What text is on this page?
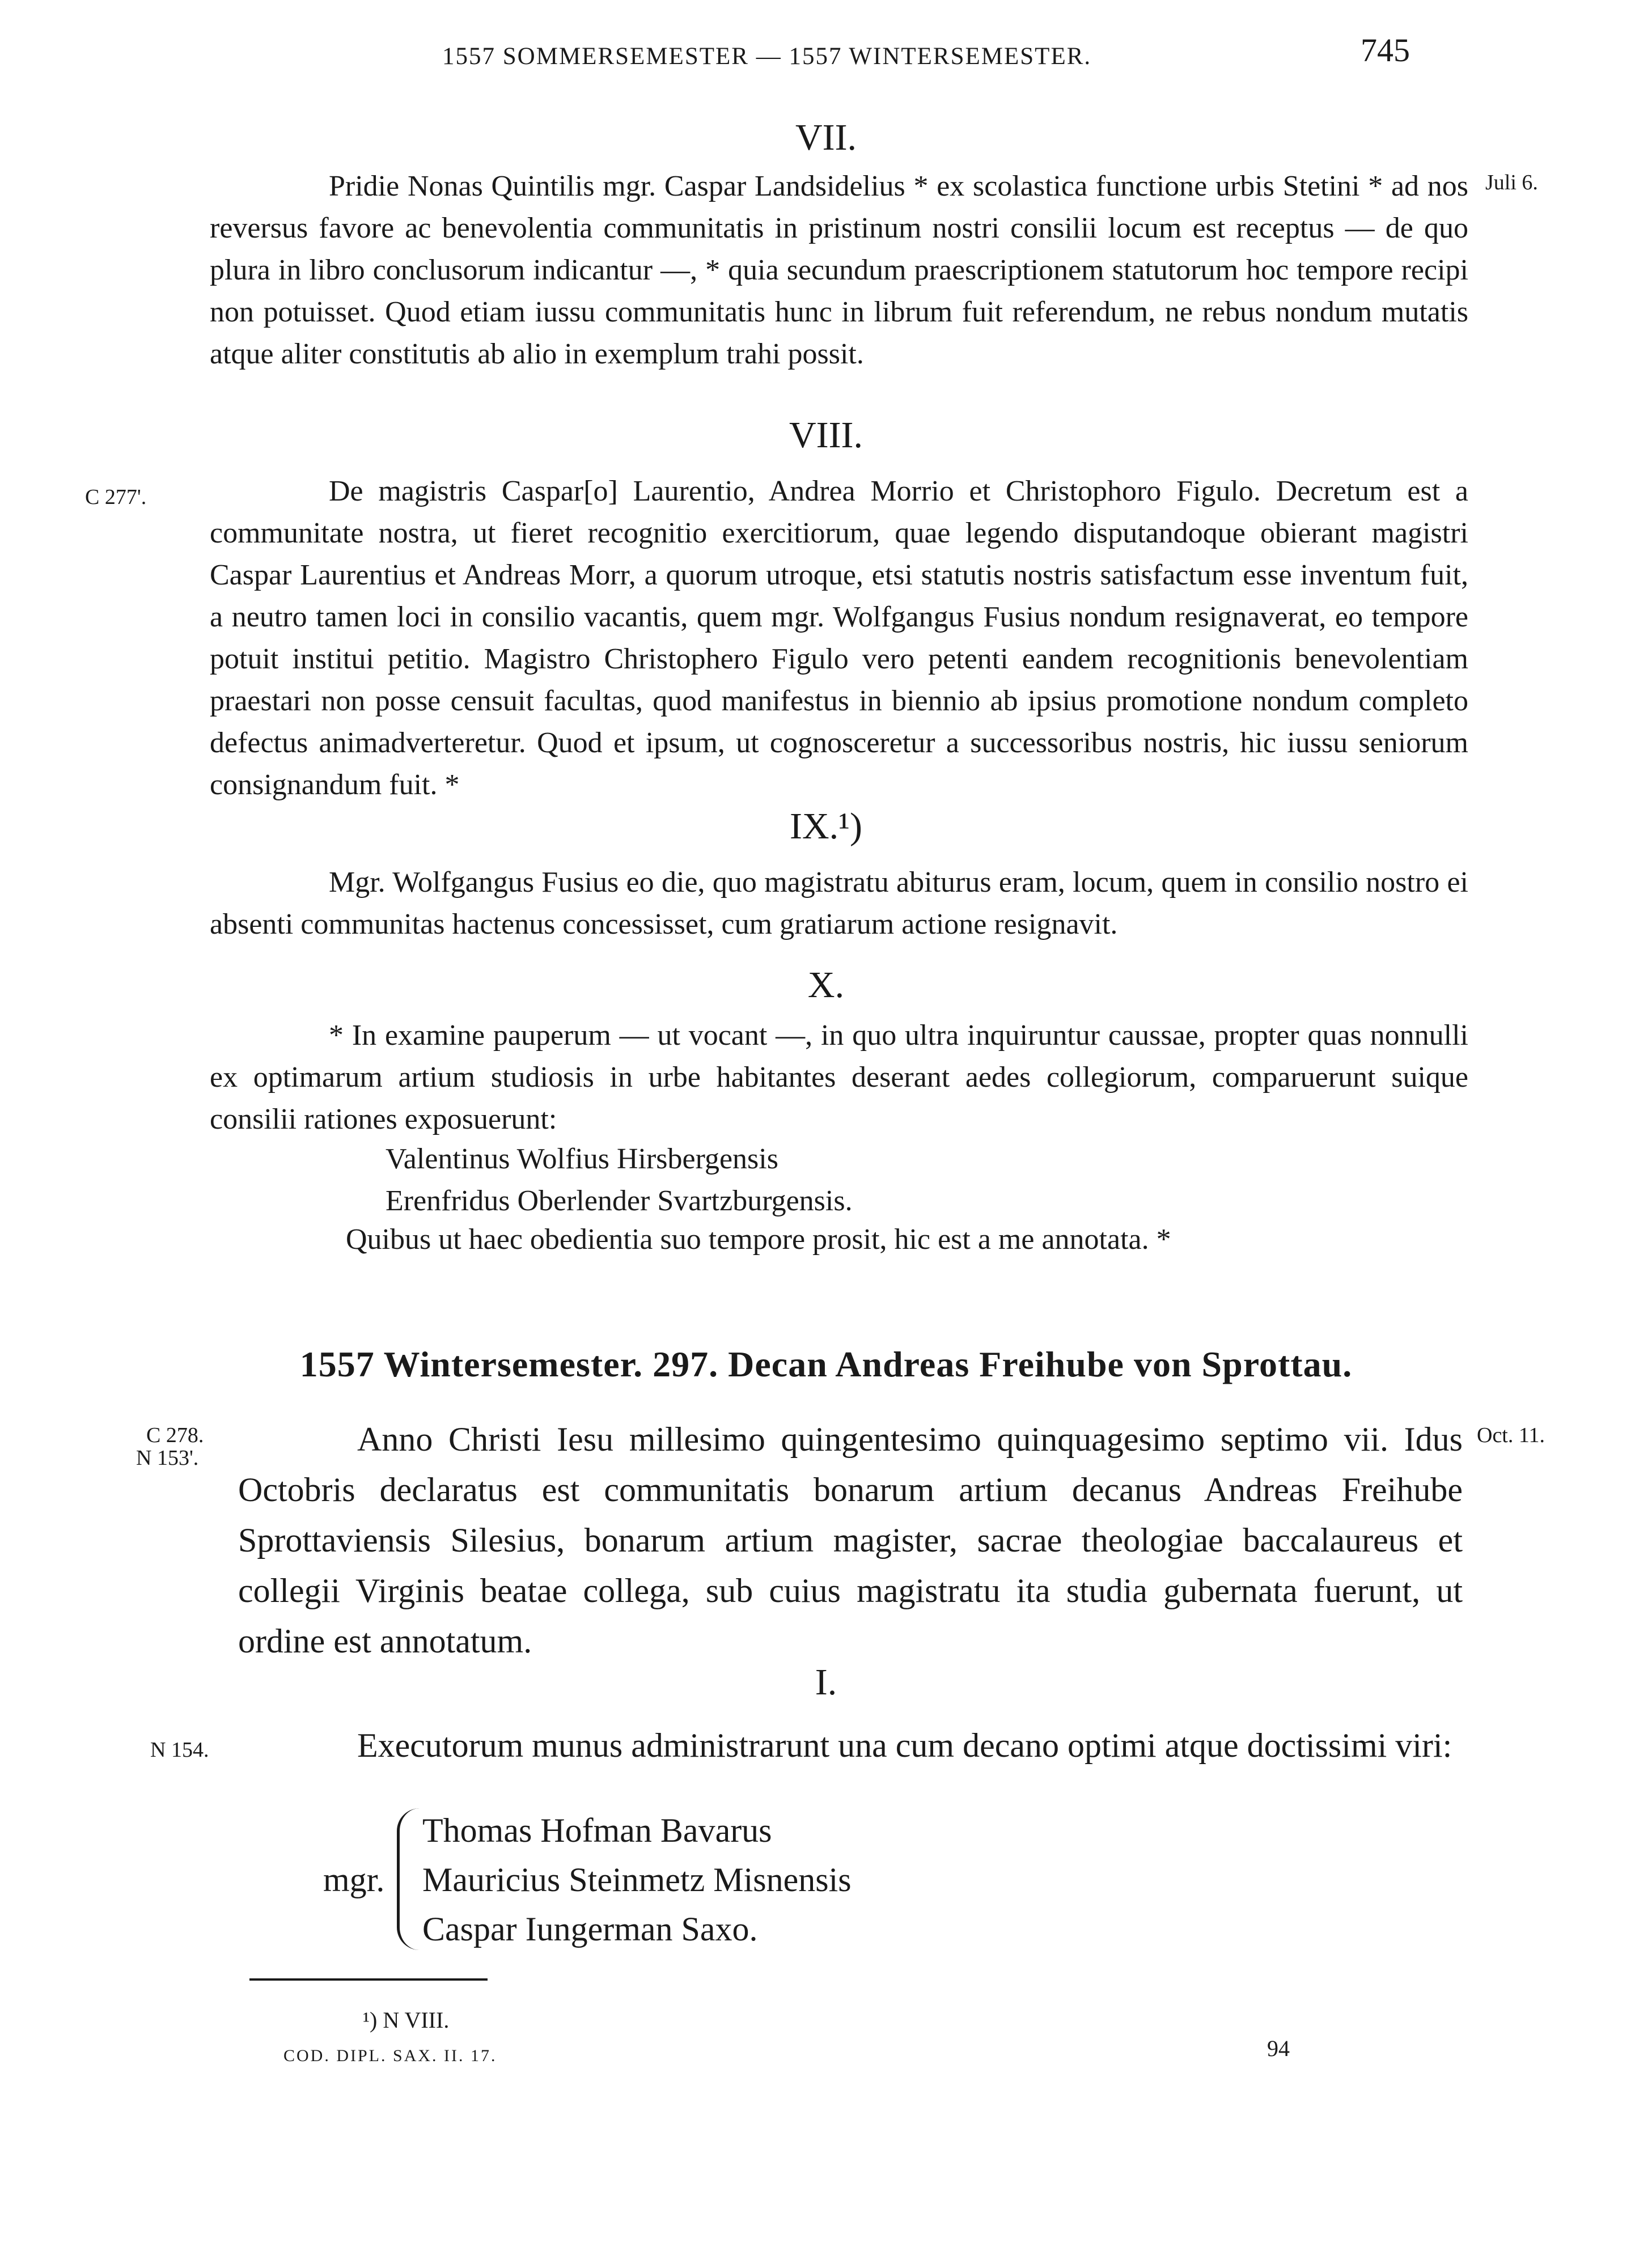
1557 SOMMERSEMESTER — 1557 WINTERSEMESTER.	745
VII.
Juli 6.
Pridie Nonas Quintilis mgr. Caspar Landsidelius * ex scolastica functione urbis Stetini * ad nos reversus favore ac benevolentia communitatis in pristinum nostri consilii locum est receptus — de quo plura in libro conclusorum indicantur —, * quia secundum praescriptionem statutorum hoc tempore recipi non potuisset. Quod etiam iussu communitatis hunc in librum fuit referendum, ne rebus nondum mutatis atque aliter constitutis ab alio in exemplum trahi possit.
VIII.
C 277'.	De magistris Caspar[o] Laurentio, Andrea Morrio et Christophoro Figulo. Decretum est a communitate nostra, ut fieret recognitio exercitiorum, quae legendo disputandoque obierant magistri Caspar Laurentius et Andreas Morr, a quorum utroque, etsi statutis nostris satisfactum esse inventum fuit, a neutro tamen loci in consilio vacantis, quem mgr. Wolfgangus Fusius nondum resignaverat, eo tempore potuit institui petitio. Magistro Christophero Figulo vero petenti eandem recognitionis benevolentiam praestari non posse censuit facultas, quod manifestus in biennio ab ipsius promotione nondum completo defectus animadverteretur. Quod et ipsum, ut cognosceretur a successoribus nostris, hic iussu seniorum consignandum fuit. *
IX.¹)
Mgr. Wolfgangus Fusius eo die, quo magistratu abiturus eram, locum, quem in consilio nostro ei absenti communitas hactenus concessisset, cum gratiarum actione resignavit.
X.
* In examine pauperum — ut vocant —, in quo ultra inquiruntur caussae, propter quas nonnulli ex optimarum artium studiosis in urbe habitantes deserant aedes collegiorum, comparuerunt suique consilii rationes exposuerunt:
Valentinus Wolfius Hirsbergensis
Erenfridus Oberlender Svartzburgensis.
Quibus ut haec obedientia suo tempore prosit, hic est a me annotata. *
1557 Wintersemester. 297. Decan Andreas Freihube von Sprottau.
C 278.
N 153'.
Oct. 11.
Anno Christi Iesu millesimo quingentesimo quinquagesimo septimo vii. Idus Octobris declaratus est communitatis bonarum artium decanus Andreas Freihube Sprottaviensis Silesius, bonarum artium magister, sacrae theologiae baccalaureus et collegii Virginis beatae collega, sub cuius magistratu ita studia gubernata fuerunt, ut ordine est annotatum.
I.
N 154.	Executorum munus administrarunt una cum decano optimi atque doctissimi viri:
mgr.
Thomas Hofman Bavarus
Mauricius Steinmetz Misnensis
Caspar Iungerman Saxo.
¹) N VIII.
COD. DIPL. SAX. II. 17.	94
